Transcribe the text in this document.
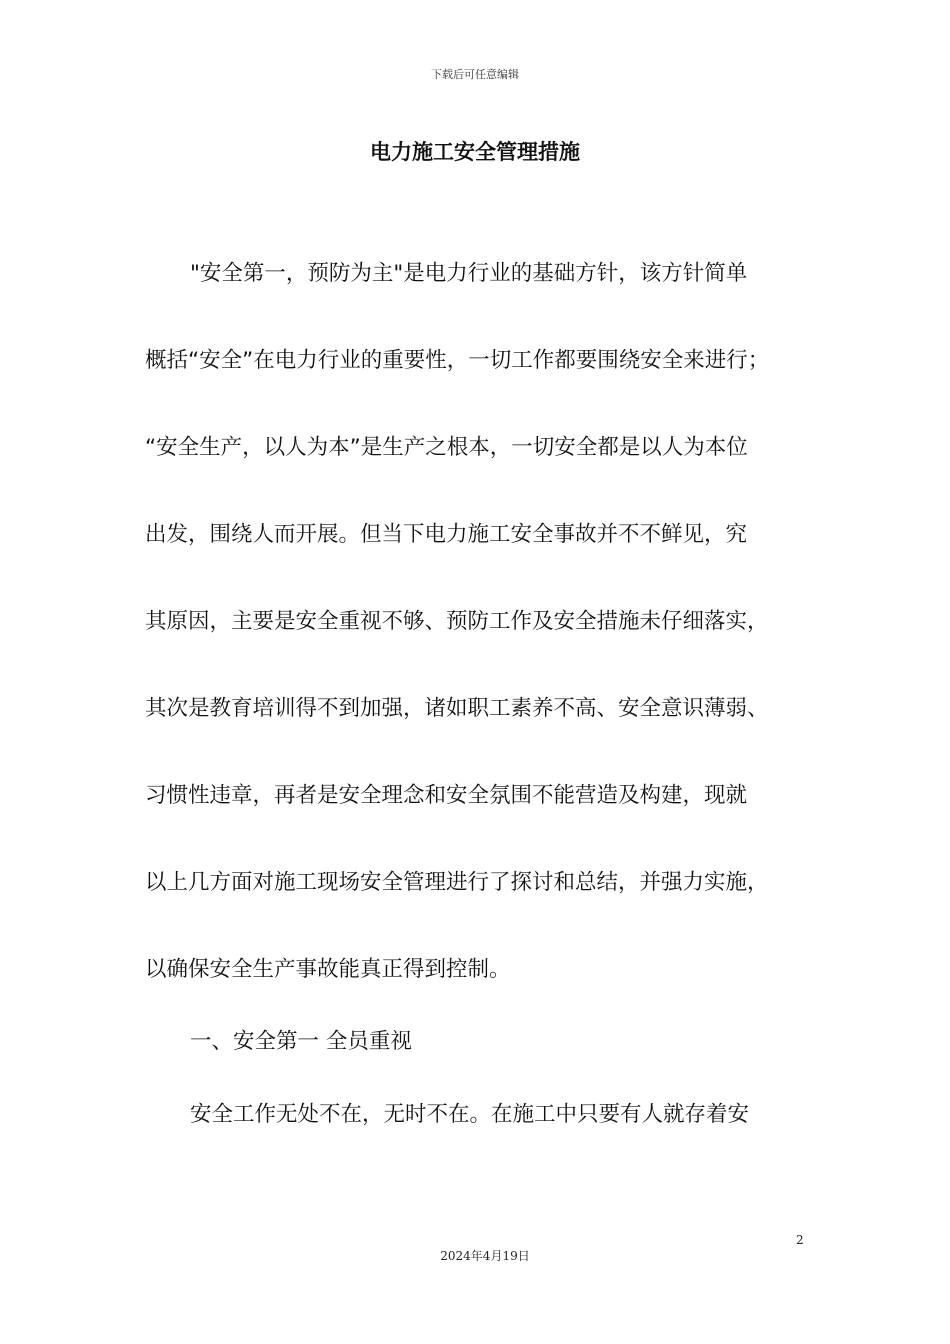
下载后可任意编辑
电力施工安全管理措施
"安全第一，预防为主"是电力行业的基础方针，该方针简单
概括“安全”在电力行业的重要性，一切工作都要围绕安全来进行；
“安全生产，以人为本”是生产之根本，一切安全都是以人为本位
出发，围绕人而开展。但当下电力施工安全事故并不不鲜见，究
其原因，主要是安全重视不够、预防工作及安全措施未仔细落实，
其次是教育培训得不到加强，诸如职工素养不高、安全意识薄弱、
习惯性违章，再者是安全理念和安全氛围不能营造及构建，现就
以上几方面对施工现场安全管理进行了探讨和总结，并强力实施，
以确保安全生产事故能真正得到控制。
一、安全第一 全员重视
安全工作无处不在，无时不在。在施工中只要有人就存着安
2
2024年4月19日
